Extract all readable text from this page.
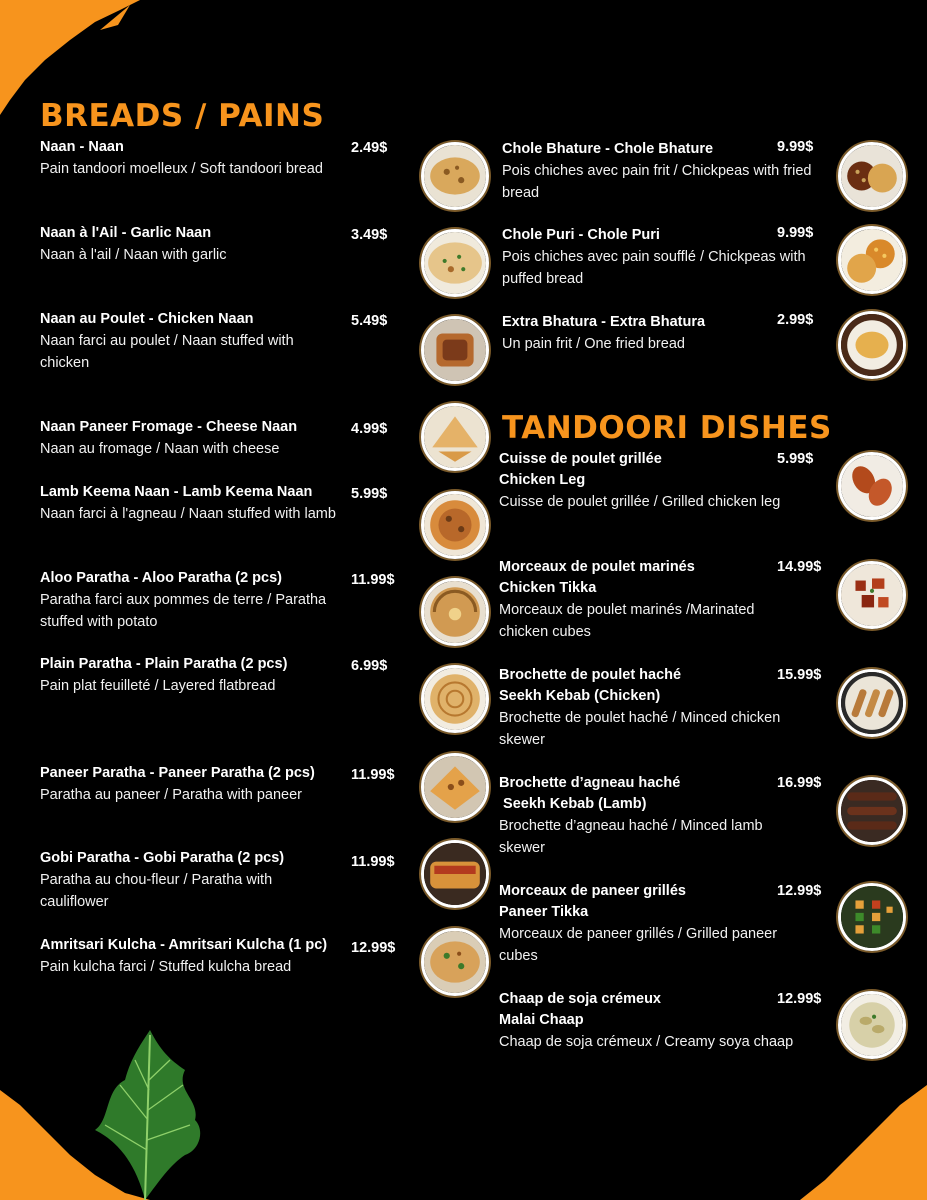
BREADS / PAINS
TANDOORI DISHES
Naan - Naan
Pain tandoori moelleux / Soft tandoori bread
2.49$
Naan à l'Ail - Garlic Naan
Naan à l'ail / Naan with garlic
3.49$
Naan au Poulet - Chicken Naan
Naan farci au poulet / Naan stuffed with chicken
5.49$
Naan Paneer Fromage - Cheese Naan
Naan au fromage / Naan with cheese
4.99$
Lamb Keema Naan - Lamb Keema Naan
Naan farci à l'agneau / Naan stuffed with lamb
5.99$
Aloo Paratha - Aloo Paratha (2 pcs)
Paratha farci aux pommes de terre / Paratha stuffed with potato
11.99$
Plain Paratha - Plain Paratha (2 pcs)
Pain plat feuilleté / Layered flatbread
6.99$
Paneer Paratha - Paneer Paratha (2 pcs)
Paratha au paneer / Paratha with paneer
11.99$
Gobi Paratha - Gobi Paratha (2 pcs)
Paratha au chou-fleur / Paratha with cauliflower
11.99$
Amritsari Kulcha - Amritsari Kulcha (1 pc)
Pain kulcha farci / Stuffed kulcha bread
12.99$
Chole Bhature - Chole Bhature
Pois chiches avec pain frit / Chickpeas with fried bread
9.99$
Chole Puri - Chole Puri
Pois chiches avec pain soufflé / Chickpeas with puffed bread
9.99$
Extra Bhatura - Extra Bhatura
Un pain frit / One fried bread
2.99$
Cuisse de poulet grillée
Chicken Leg
Cuisse de poulet grillée / Grilled chicken leg
5.99$
Morceaux de poulet marinés
Chicken Tikka
Morceaux de poulet marinés /Marinated chicken cubes
14.99$
Brochette de poulet haché
Seekh Kebab (Chicken)
Brochette de poulet haché / Minced chicken skewer
15.99$
Brochette d’agneau haché
Seekh Kebab (Lamb)
Brochette d’agneau haché / Minced lamb skewer
16.99$
Morceaux de paneer grillés
Paneer Tikka
Morceaux de paneer grillés / Grilled paneer cubes
12.99$
Chaap de soja crémeux
Malai Chaap
Chaap de soja crémeux / Creamy soya chaap
12.99$
